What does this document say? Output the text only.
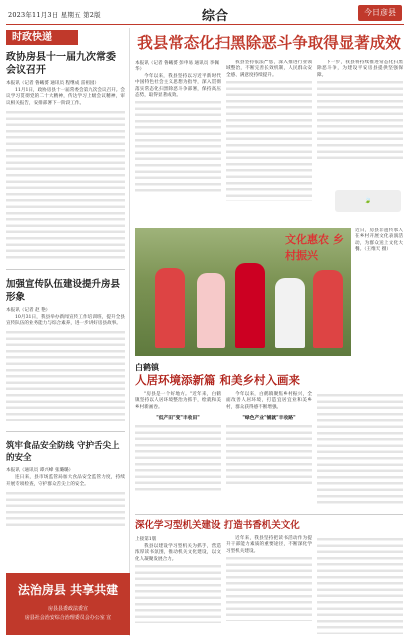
2023年11月3日 星期五 第2版	综合	今日彦县
时政快递
政协房县十一届九次常委会议召开
本报讯（记者 鲁曦赟 通讯员 程继成 雷祖园）
11月1日，政协房县十一届常委会第九次会议召开。会议学习贯彻党的二十大精神，传达学习上级会议精神，审议相关报告，安排部署下一阶段工作。
加强宣传队伍建设提升房县形象
本报讯（记者 赵 艳）
10月31日，我县举办新闻宣传工作培训班，提升全县宣传队伍的业务能力与综合素养，进一步讲好房县故事。
筑牢食品安全防线 守护舌尖上的安全
本报讯（通讯员 谭兴峰 张璐璐）
连日来，县市场监管局加大食品安全监管力度，持续开展专项检查，守护群众舌尖上的安全。
法治房县 共享共建
房县县委政法委宣
房县社会治安综合治理委员会办公室 宣
我县常态化扫黑除恶斗争取得显著成效
本报讯（记者 鲁曦赟 彭申易 通讯员 李佩华）
今年以来，我县坚持以习近平新时代中国特色社会主义思想为指导，深入贯彻落实常态化扫黑除恶斗争部署，保持高压态势，取得显著成效。
我县坚持依法严惩，深入推进行业领域整治，不断完善长效机制，人民群众安全感、满意度持续提升。
下一步，我县将持续推进常态化扫黑除恶斗争，为建设平安房县提供坚强保障。
🍃
文化惠农 乡村振兴
近日，房县非遗传承人在乡村开展文化表演活动，为群众送上文化大餐。（王维天 摄）
白鹤镇
人居环境添新篇 和美乡村入画来
"房县是一个好地方。"近年来，白鹤镇坚持以人居环境整治为抓手，绘就和美乡村新画卷。
"低产田"变"丰收田"
今年以来，白鹤镇聚焦乡村振兴，全面改善人居环境，打造宜居宜业和美乡村，群众获得感不断增强。
"绿色产业"铺就"丰收路"
深化学习型机关建设 打造书香机关文化
上接第1版
我县以建设学习型机关为抓手，营造浓厚读书氛围，推动机关文化建设，以文化人凝聚发展合力。
近年来，我县坚持把读书活动作为提升干部能力素质的重要途径，不断深化学习型机关建设。
